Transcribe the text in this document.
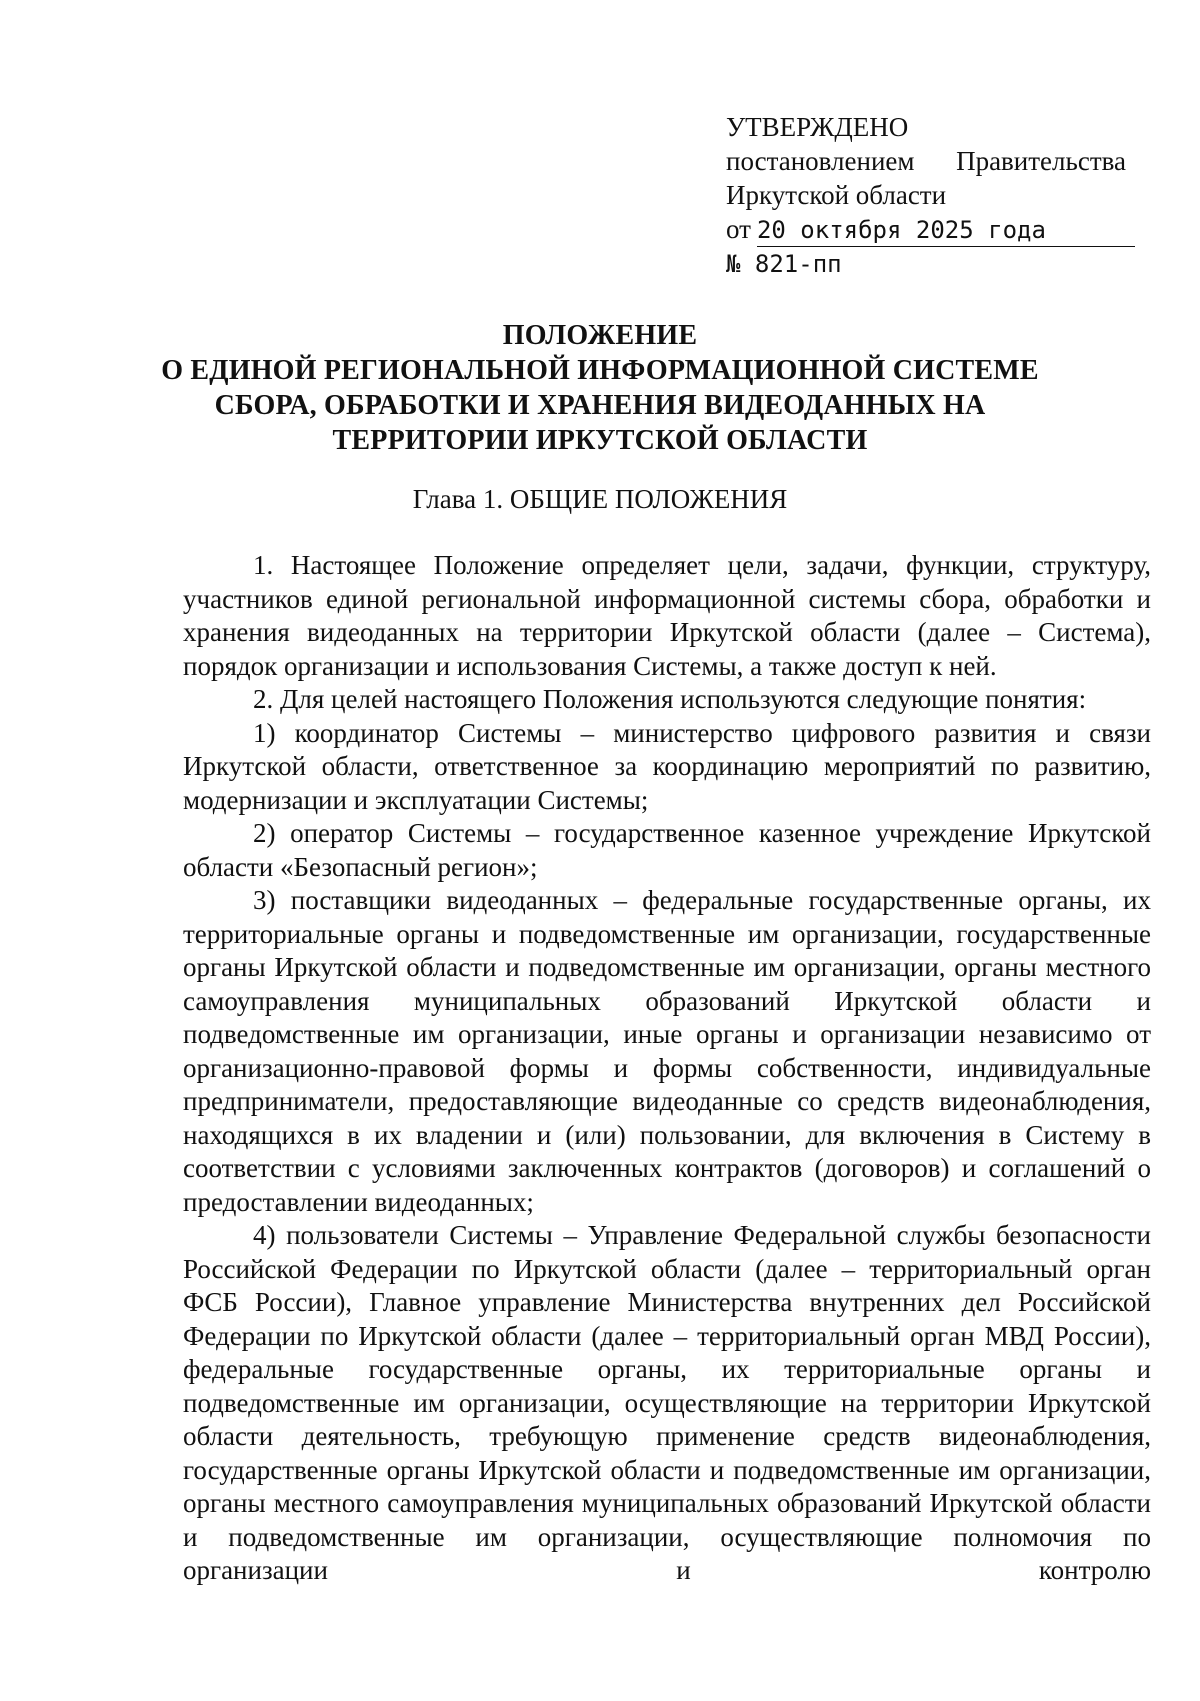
УТВЕРЖДЕНО
постановлением Правительства
Иркутской области
от 20 октября 2025 года
№ 821-пп
ПОЛОЖЕНИЕ
О ЕДИНОЙ РЕГИОНАЛЬНОЙ ИНФОРМАЦИОННОЙ СИСТЕМЕ
СБОРА, ОБРАБОТКИ И ХРАНЕНИЯ ВИДЕОДАННЫХ НА
ТЕРРИТОРИИ ИРКУТСКОЙ ОБЛАСТИ
Глава 1. ОБЩИЕ ПОЛОЖЕНИЯ

1. Настоящее Положение определяет цели, задачи, функции, структуру, участников единой региональной информационной системы сбора, обработки и хранения видеоданных на территории Иркутской области (далее – Система), порядок организации и использования Системы, а также доступ к ней.

2. Для целей настоящего Положения используются следующие понятия:

1) координатор Системы – министерство цифрового развития и связи Иркутской области, ответственное за координацию мероприятий по развитию, модернизации и эксплуатации Системы;

2) оператор Системы – государственное казенное учреждение Иркутской области «Безопасный регион»;

3) поставщики видеоданных – федеральные государственные органы, их территориальные органы и подведомственные им организации, государственные органы Иркутской области и подведомственные им организации, органы местного самоуправления муниципальных образований Иркутской области и подведомственные им организации, иные органы и организации независимо от организационно-правовой формы и формы собственности, индивидуальные предприниматели, предоставляющие видеоданные со средств видеонаблюдения, находящихся в их владении и (или) пользовании, для включения в Систему в соответствии с условиями заключенных контрактов (договоров) и соглашений о предоставлении видеоданных;

4) пользователи Системы – Управление Федеральной службы безопасности Российской Федерации по Иркутской области (далее – территориальный орган ФСБ России), Главное управление Министерства внутренних дел Российской Федерации по Иркутской области (далее – территориальный орган МВД России), федеральные государственные органы, их территориальные органы и подведомственные им организации, осуществляющие на территории Иркутской области деятельность, требующую применение средств видеонаблюдения, государственные органы Иркутской области и подведомственные им организации, органы местного самоуправления муниципальных образований Иркутской области и подведомственные им организации, осуществляющие полномочия по организации и контролю
